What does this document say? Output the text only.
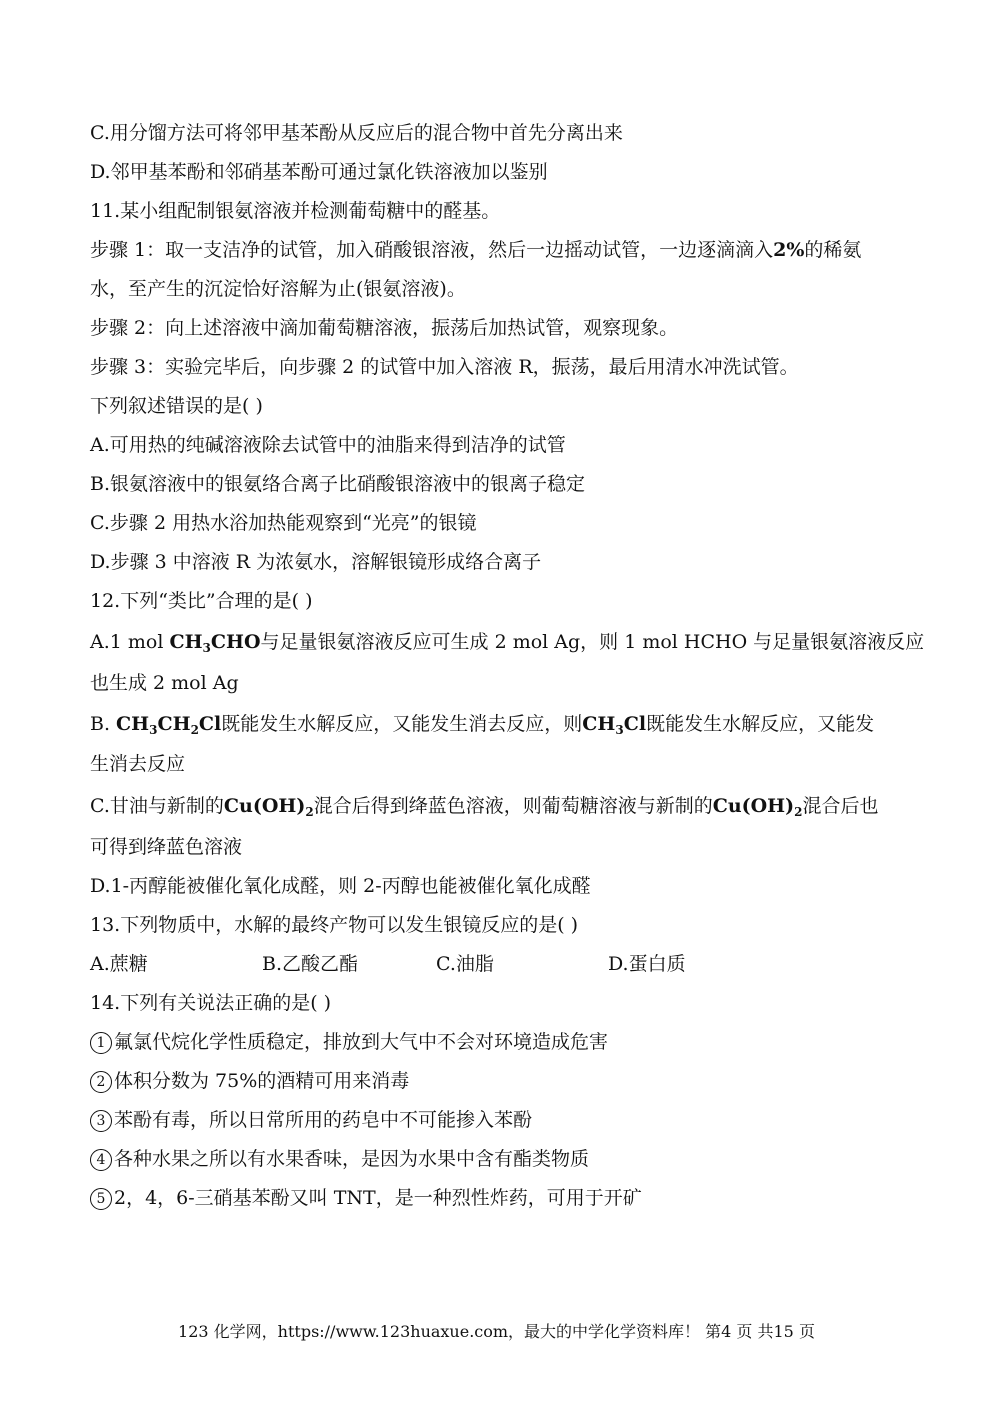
C.用分馏方法可将邻甲基苯酚从反应后的混合物中首先分离出来
D.邻甲基苯酚和邻硝基苯酚可通过氯化铁溶液加以鉴别
11.某小组配制银氨溶液并检测葡萄糖中的醛基。
步骤 1：取一支洁净的试管，加入硝酸银溶液，然后一边摇动试管，一边逐滴滴入2%的稀氨
水，至产生的沉淀恰好溶解为止(银氨溶液)。
步骤 2：向上述溶液中滴加葡萄糖溶液，振荡后加热试管，观察现象。
步骤 3：实验完毕后，向步骤 2 的试管中加入溶液 R，振荡，最后用清水冲洗试管。
下列叙述错误的是( )
A.可用热的纯碱溶液除去试管中的油脂来得到洁净的试管
B.银氨溶液中的银氨络合离子比硝酸银溶液中的银离子稳定
C.步骤 2 用热水浴加热能观察到“光亮”的银镜
D.步骤 3 中溶液 R 为浓氨水，溶解银镜形成络合离子
12.下列“类比”合理的是( )
A.1 mol $CH_3CHO$与足量银氨溶液反应可生成 2 mol Ag，则 1 mol HCHO 与足量银氨溶液反应
也生成 2 mol Ag
B. $CH_3CH_2Cl$既能发生水解反应，又能发生消去反应，则$CH_3Cl$既能发生水解反应，又能发
生消去反应
C.甘油与新制的$Cu(OH)_2$混合后得到绛蓝色溶液，则葡萄糖溶液与新制的$Cu(OH)_2$混合后也
可得到绛蓝色溶液
D.1-丙醇能被催化氧化成醛，则 2-丙醇也能被催化氧化成醛
13.下列物质中，水解的最终产物可以发生银镜反应的是( )
A.蔗糖	B.乙酸乙酯	C.油脂	D.蛋白质
14.下列有关说法正确的是( )
1 氟氯代烷化学性质稳定，排放到大气中不会对环境造成危害
2 体积分数为 75%的酒精可用来消毒
3 苯酚有毒，所以日常所用的药皂中不可能掺入苯酚
4 各种水果之所以有水果香味，是因为水果中含有酯类物质
5 2，4，6-三硝基苯酚又叫 TNT，是一种烈性炸药，可用于开矿
123 化学网，https://www.123huaxue.com，最大的中学化学资料库！ 第4 页 共15 页
